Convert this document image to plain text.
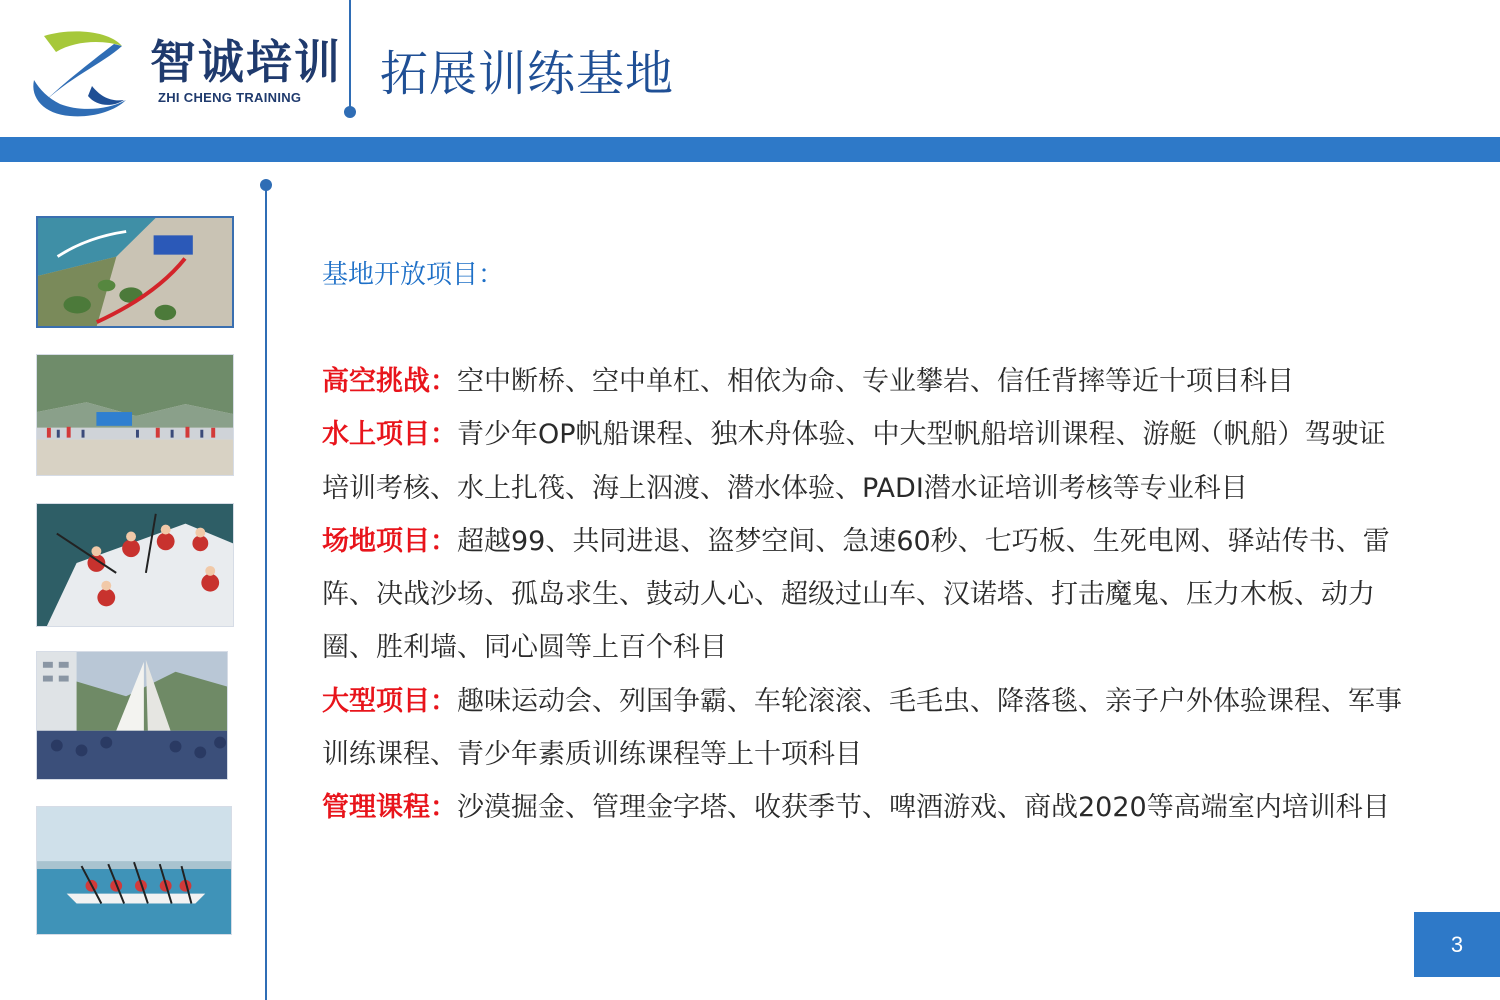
智诚培训
ZHI CHENG TRAINING 拓展训练基地
基地开放项目：
高空挑战：空中断桥、空中单杠、相依为命、专业攀岩、信任背摔等近十项目科目
水上项目：青少年OP帆船课程、独木舟体验、中大型帆船培训课程、游艇（帆船）驾驶证培训考核、水上扎筏、海上泅渡、潜水体验、PADI潜水证培训考核等专业科目
场地项目：超越99、共同进退、盗梦空间、急速60秒、七巧板、生死电网、驿站传书、雷阵、决战沙场、孤岛求生、鼓动人心、超级过山车、汉诺塔、打击魔鬼、压力木板、动力圈、胜利墙、同心圆等上百个科目
大型项目：趣味运动会、列国争霸、车轮滚滚、毛毛虫、降落毯、亲子户外体验课程、军事训练课程、青少年素质训练课程等上十项科目
管理课程：沙漠掘金、管理金字塔、收获季节、啤酒游戏、商战2020等高端室内培训科目
3
